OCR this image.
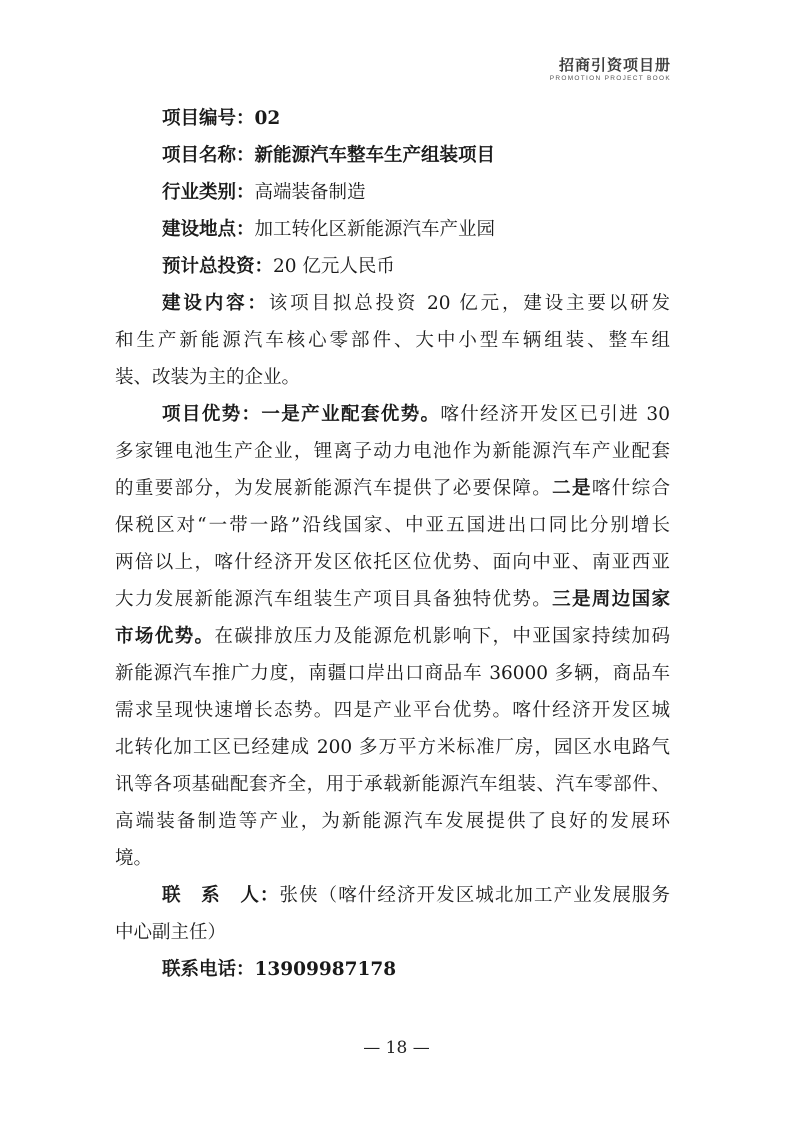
招商引资项目册
PROMOTION PROJECT BOOK
项目编号：02
项目名称：新能源汽车整车生产组装项目
行业类别：高端装备制造
建设地点：加工转化区新能源汽车产业园
预计总投资：20 亿元人民币
建设内容：该项目拟总投资 20 亿元，建设主要以研发
和生产新能源汽车核心零部件、大中小型车辆组装、整车组
装、改装为主的企业。
项目优势：一是产业配套优势。喀什经济开发区已引进 30
多家锂电池生产企业，锂离子动力电池作为新能源汽车产业配套
的重要部分，为发展新能源汽车提供了必要保障。二是喀什综合
保税区对“一带一路”沿线国家、中亚五国进出口同比分别增长
两倍以上，喀什经济开发区依托区位优势、面向中亚、南亚西亚
大力发展新能源汽车组装生产项目具备独特优势。三是周边国家
市场优势。在碳排放压力及能源危机影响下，中亚国家持续加码
新能源汽车推广力度，南疆口岸出口商品车 36000 多辆，商品车
需求呈现快速增长态势。四是产业平台优势。喀什经济开发区城
北转化加工区已经建成 200 多万平方米标准厂房，园区水电路气
讯等各项基础配套齐全，用于承载新能源汽车组装、汽车零部件、
高端装备制造等产业，为新能源汽车发展提供了良好的发展环
境。
联　系　人：张侠（喀什经济开发区城北加工产业发展服务
中心副主任）
联系电话：13909987178
— 18 —
